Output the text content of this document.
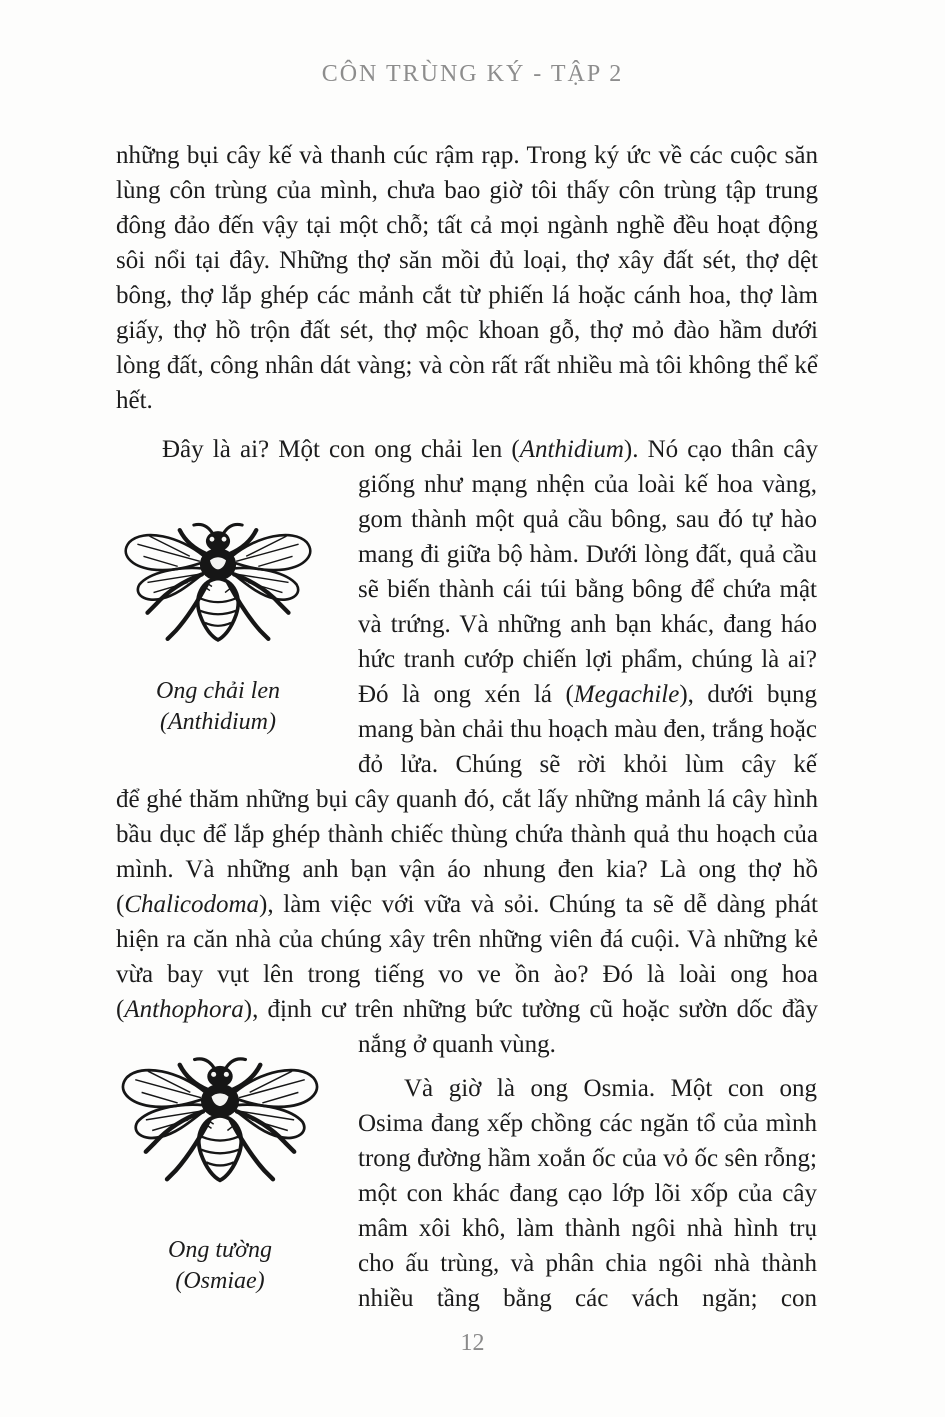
CÔN TRÙNG KÝ - TẬP 2
những bụi cây kế và thanh cúc rậm rạp. Trong ký ức về các cuộc săn lùng côn trùng của mình, chưa bao giờ tôi thấy côn trùng tập trung đông đảo đến vậy tại một chỗ; tất cả mọi ngành nghề đều hoạt động sôi nổi tại đây. Những thợ săn mồi đủ loại, thợ xây đất sét, thợ dệt bông, thợ lắp ghép các mảnh cắt từ phiến lá hoặc cánh hoa, thợ làm giấy, thợ hồ trộn đất sét, thợ mộc khoan gỗ, thợ mỏ đào hầm dưới lòng đất, công nhân dát vàng; và còn rất rất nhiều mà tôi không thể kể hết.
Đây là ai? Một con ong chải len (Anthidium). Nó cạo thân cây
Ong chải len
(Anthidium)
giống như mạng nhện của loài kế hoa vàng, gom thành một quả cầu bông, sau đó tự hào mang đi giữa bộ hàm. Dưới lòng đất, quả cầu sẽ biến thành cái túi bằng bông để chứa mật và trứng. Và những anh bạn khác, đang háo hức tranh cướp chiến lợi phẩm, chúng là ai? Đó là ong xén lá (Megachile), dưới bụng mang bàn chải thu hoạch màu đen, trắng hoặc đỏ lửa. Chúng sẽ rời khỏi lùm cây kế
để ghé thăm những bụi cây quanh đó, cắt lấy những mảnh lá cây hình bầu dục để lắp ghép thành chiếc thùng chứa thành quả thu hoạch của mình. Và những anh bạn vận áo nhung đen kia? Là ong thợ hồ (Chalicodoma), làm việc với vữa và sỏi. Chúng ta sẽ dễ dàng phát hiện ra căn nhà của chúng xây trên những viên đá cuội. Và những kẻ vừa bay vụt lên trong tiếng vo ve ồn ào? Đó là loài ong hoa (Anthophora), định cư trên những bức tường cũ hoặc sườn dốc đầy
nắng ở quanh vùng.
Ong tường
(Osmiae)
Và giờ là ong Osmia. Một con ong Osima đang xếp chồng các ngăn tổ của mình trong đường hầm xoắn ốc của vỏ ốc sên rỗng; một con khác đang cạo lớp lõi xốp của cây mâm xôi khô, làm thành ngôi nhà hình trụ cho ấu trùng, và phân chia ngôi nhà thành nhiều tầng bằng các vách ngăn; con
12
